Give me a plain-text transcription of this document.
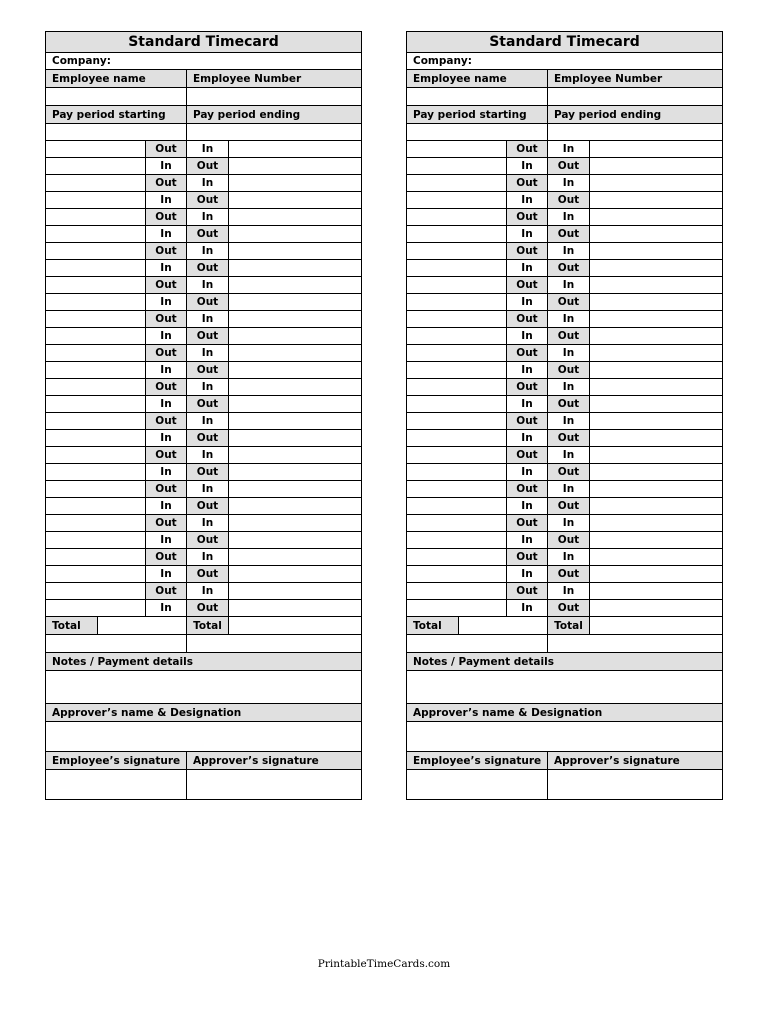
Standard Timecard
Company:
Employee name	Employee Number
Pay period starting	Pay period ending
Out	In
In	Out
Out	In
In	Out
Out	In
In	Out
Out	In
In	Out
Out	In
In	Out
Out	In
In	Out
Out	In
In	Out
Out	In
In	Out
Out	In
In	Out
Out	In
In	Out
Out	In
In	Out
Out	In
In	Out
Out	In
In	Out
Out	In
In	Out
Total	Total
Notes / Payment details
Approver’s name & Designation
Employee’s signature	Approver’s signature
Standard Timecard
Company:
Employee name	Employee Number
Pay period starting	Pay period ending
Out	In
In	Out
Out	In
In	Out
Out	In
In	Out
Out	In
In	Out
Out	In
In	Out
Out	In
In	Out
Out	In
In	Out
Out	In
In	Out
Out	In
In	Out
Out	In
In	Out
Out	In
In	Out
Out	In
In	Out
Out	In
In	Out
Out	In
In	Out
Total	Total
Notes / Payment details
Approver’s name & Designation
Employee’s signature	Approver’s signature
PrintableTimeCards.com
